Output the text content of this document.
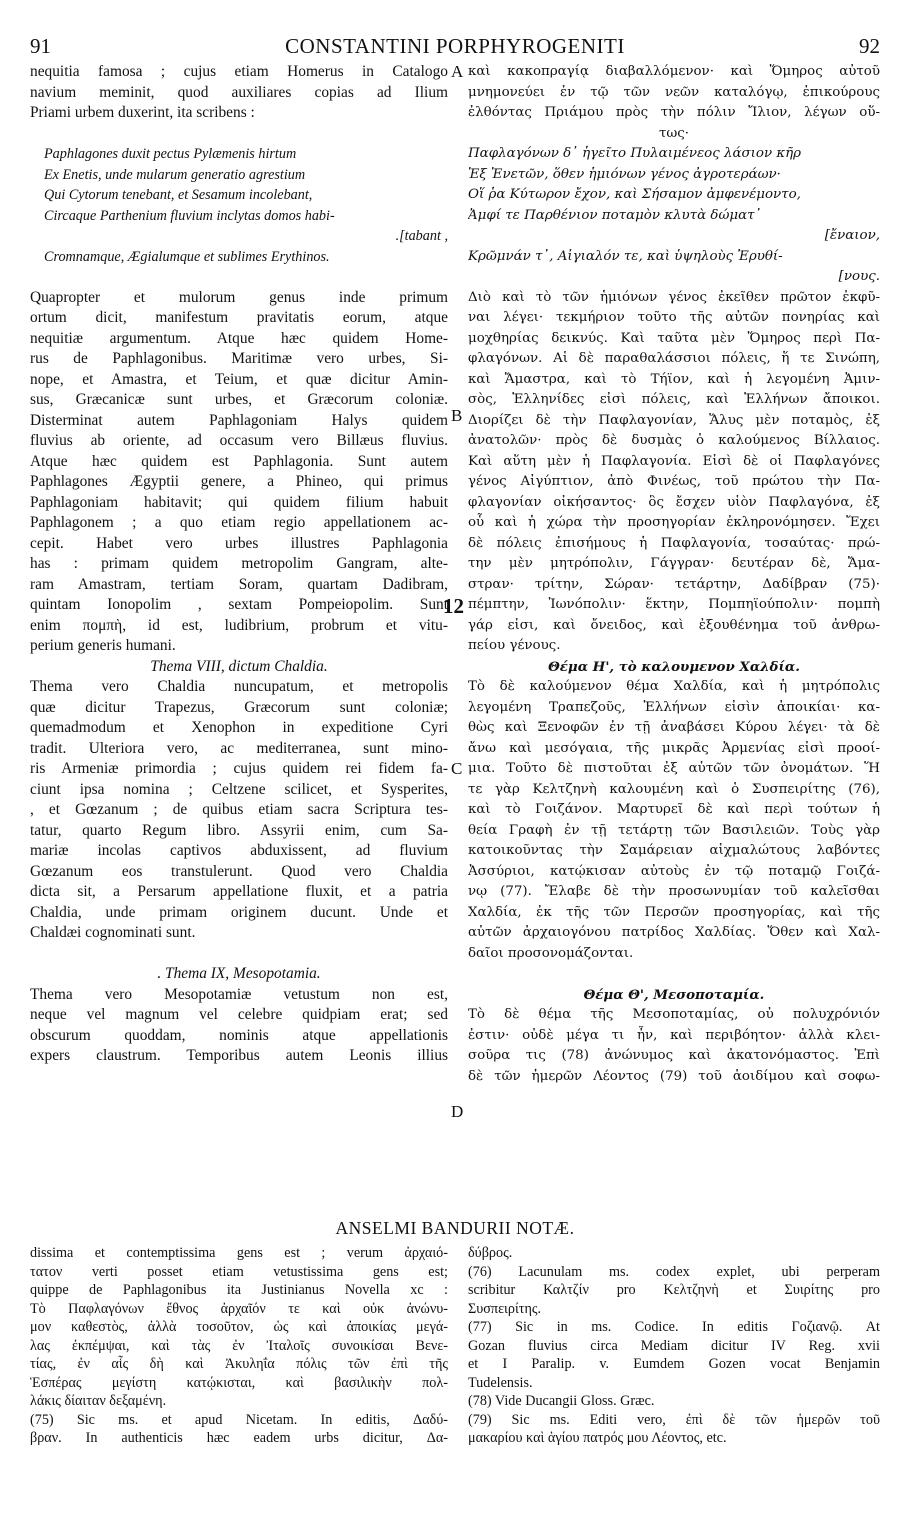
91	CONSTANTINI PORPHYROGENITI	92
nequitia famosa ; cujus etiam Homerus in Catalogo
navium meminit, quod auxiliares copias ad Ilium
Priami urbem duxerint, ita scribens :
Paphlagones duxit pectus Pylæmenis hirtum
Ex Enetis, unde mularum generatio agrestium
Qui Cytorum tenebant, et Sesamum incolebant,
Circaque Parthenium fluvium inclytas domos habi-
.[tabant ,
Cromnamque, Ægialumque et sublimes Erythinos.
Quapropter et mulorum genus inde primum
ortum dicit, manifestum pravitatis eorum, atque
nequitiæ argumentum. Atque hæc quidem Home-
rus de Paphlagonibus. Maritimæ vero urbes, Si-
nope, et Amastra, et Teium, et quæ dicitur Amin-
sus, Græcanicæ sunt urbes, et Græcorum coloniæ.
Disterminat autem Paphlagoniam Halys quidem
fluvius ab oriente, ad occasum vero Billæus fluvius.
Atque hæc quidem est Paphlagonia. Sunt autem
Paphlagones Ægyptii genere, a Phineo, qui primus
Paphlagoniam habitavit; qui quidem filium habuit
Paphlagonem ; a quo etiam regio appellationem ac-
cepit. Habet vero urbes illustres Paphlagonia
has : primam quidem metropolim Gangram, alte-
ram Amastram, tertiam Soram, quartam Dadibram,
quintam Ionopolim , sextam Pompeiopolim. Sunt
enim πομπὴ, id est, ludibrium, probrum et vitu-
perium generis humani.
Thema VIII, dictum Chaldia.
Thema vero Chaldia nuncupatum, et metropolis
quæ dicitur Trapezus, Græcorum sunt coloniæ;
quemadmodum et Xenophon in expeditione Cyri
tradit. Ulteriora vero, ac mediterranea, sunt mino-
ris Armeniæ primordia ; cujus quidem rei fidem fa-
ciunt ipsa nomina ; Celtzene scilicet, et Sysperites,
, et Gœzanum ; de quibus etiam sacra Scriptura tes-
tatur, quarto Regum libro. Assyrii enim, cum Sa-
mariæ incolas captivos abduxissent, ad fluvium
Gœzanum eos transtulerunt. Quod vero Chaldia
dicta sit, a Persarum appellatione fluxit, et a patria
Chaldia, unde primam originem ducunt. Unde et
Chaldæi cognominati sunt.
. Thema IX, Mesopotamia.
Thema vero Mesopotamiæ vetustum non est,
neque vel magnum vel celebre quidpiam erat; sed
obscurum quoddam, nominis atque appellationis
expers claustrum. Temporibus autem Leonis illius
καὶ κακοπραγίᾳ διαβαλλόμενον· καὶ Ὅμηρος αὐτοῦ
μνημονεύει ἐν τῷ τῶν νεῶν καταλόγῳ, ἐπικούρους
ἐλθόντας Πριάμου πρὸς τὴν πόλιν Ἴλιον, λέγων οὕ-
τως·
Παφλαγόνων δ᾽ ἡγεῖτο Πυλαιμένεος λάσιον κῆρ
Ἐξ Ἐνετῶν, ὅθεν ἡμιόνων γένος ἀγροτεράων·
Οἵ ῥα Κύτωρον ἔχον, καὶ Σήσαμον ἀμφενέμοντο,
Ἀμφί τε Παρθένιον ποταμὸν κλυτὰ δώματ᾽
[ἔναιον,
Κρῶμνάν τ᾽, Αἰγιαλόν τε, καὶ ὑψηλοὺς Ἐρυθί-
[νους.
Διὸ καὶ τὸ τῶν ἡμιόνων γένος ἐκεῖθεν πρῶτον ἐκφῦ-
ναι λέγει· τεκμήριον τοῦτο τῆς αὐτῶν πονηρίας καὶ
μοχθηρίας δεικνύς. Καὶ ταῦτα μὲν Ὅμηρος περὶ Πα-
φλαγόνων. Αἱ δὲ παραθαλάσσιοι πόλεις, ἥ τε Σινώπη,
καὶ Ἄμαστρα, καὶ τὸ Τήϊον, καὶ ἡ λεγομένη Ἀμιν-
σὸς, Ἑλληνίδες εἰσὶ πόλεις, καὶ Ἑλλήνων ἄποικοι.
Διορίζει δὲ τὴν Παφλαγονίαν, Ἅλυς μὲν ποταμὸς, ἐξ
ἀνατολῶν· πρὸς δὲ δυσμὰς ὁ καλούμενος Βίλλαιος.
Καὶ αὕτη μὲν ἡ Παφλαγονία. Εἰσὶ δὲ οἱ Παφλαγόνες
γένος Αἰγύπτιον, ἀπὸ Φινέως, τοῦ πρώτου τὴν Πα-
φλαγονίαν οἰκήσαντος· ὃς ἔσχεν υἱὸν Παφλαγόνα, ἐξ
οὗ καὶ ἡ χώρα τὴν προσηγορίαν ἐκληρονόμησεν. Ἔχει
δὲ πόλεις ἐπισήμους ἡ Παφλαγονία, τοσαύτας· πρώ-
την μὲν μητρόπολιν, Γάγγραν· δευτέραν δὲ, Ἄμα-
στραν· τρίτην, Σώραν· τετάρτην, Δαδίβραν (75)·
πέμπτην, Ἰωνόπολιν· ἕκτην, Πομπηϊούπολιν· πομπὴ
γάρ εἰσι, καὶ ὄνειδος, καὶ ἐξουθένημα τοῦ ἀνθρω-
πείου γένους.
Θέμα Η', τὸ καλουμενον Χαλδία.
Τὸ δὲ καλούμενον θέμα Χαλδία, καὶ ἡ μητρόπολις
λεγομένη Τραπεζοῦς, Ἑλλήνων εἰσὶν ἀποικίαι· κα-
θὼς καὶ Ξενοφῶν ἐν τῇ ἀναβάσει Κύρου λέγει· τὰ δὲ
ἄνω καὶ μεσόγαια, τῆς μικρᾶς Ἀρμενίας εἰσὶ προοί-
μια. Τοῦτο δὲ πιστοῦται ἐξ αὐτῶν τῶν ὀνομάτων. Ἥ
τε γὰρ Κελτζηνὴ καλουμένη καὶ ὁ Συσπειρίτης (76),
καὶ τὸ Γοιζάνον. Μαρτυρεῖ δὲ καὶ περὶ τούτων ἡ
θεία Γραφὴ ἐν τῇ τετάρτῃ τῶν Βασιλειῶν. Τοὺς γὰρ
κατοικοῦντας τὴν Σαμάρειαν αἰχμαλώτους λαβόντες
Ἀσσύριοι, κατῴκισαν αὐτοὺς ἐν τῷ ποταμῷ Γοιζά-
νῳ (77). Ἔλαβε δὲ τὴν προσωνυμίαν τοῦ καλεῖσθαι
Χαλδία, ἐκ τῆς τῶν Περσῶν προσηγορίας, καὶ τῆς
αὐτῶν ἀρχαιογόνου πατρίδος Χαλδίας. Ὅθεν καὶ Χαλ-
δαῖοι προσονομάζονται.
Θέμα Θ', Μεσοποταμία.
Τὸ δὲ θέμα τῆς Μεσοποταμίας, οὐ πολυχρόνιόν
ἐστιν· οὐδὲ μέγα τι ἦν, καὶ περιβόητον· ἀλλὰ κλει-
σοῦρα τις (78) ἀνώνυμος καὶ ἀκατονόμαστος. Ἐπὶ
δὲ τῶν ἡμερῶν Λέοντος (79) τοῦ ἀοιδίμου καὶ σοφω-
A
B
12
C
D
ANSELMI BANDURII NOTÆ.
dissima et contemptissima gens est ; verum ἀρχαιό-
τατον verti posset etiam vetustissima gens est;
quippe de Paphlagonibus ita Justinianus Novella xc :
Τὸ Παφλαγόνων ἔθνος ἀρχαῖόν τε καὶ οὐκ ἀνώνυ-
μον καθεστὸς, ἀλλὰ τοσοῦτον, ὡς καὶ ἀποικίας μεγά-
λας ἐκπέμψαι, καὶ τὰς ἐν Ἰταλοῖς συνοικίσαι Βενε-
τίας, ἐν αἷς δὴ καὶ Ἀκυληΐα πόλις τῶν ἐπὶ τῆς
Ἑσπέρας μεγίστη κατῴκισται, καὶ βασιλικὴν πολ-
λάκις δίαιταν δεξαμένη.
(75) Sic ms. et apud Nicetam. In editis, Δαδύ-
βραν. In authenticis hæc eadem urbs dicitur, Δα-
δύβρος.
(76) Lacunulam ms. codex explet, ubi perperam
scribitur Καλτζίν pro Κελτζηνὴ et Συιρίτης pro
Συσπειρίτης.
(77) Sic in ms. Codice. In editis Γοζιανῷ. At
Gozan fluvius circa Mediam dicitur IV Reg. xvii
et I Paralip. v. Eumdem Gozen vocat Benjamin
Tudelensis.
(78) Vide Ducangii Gloss. Græc.
(79) Sic ms. Editi vero, ἐπὶ δὲ τῶν ἡμερῶν τοῦ
μακαρίου καὶ ἁγίου πατρός μου Λέοντος, etc.
